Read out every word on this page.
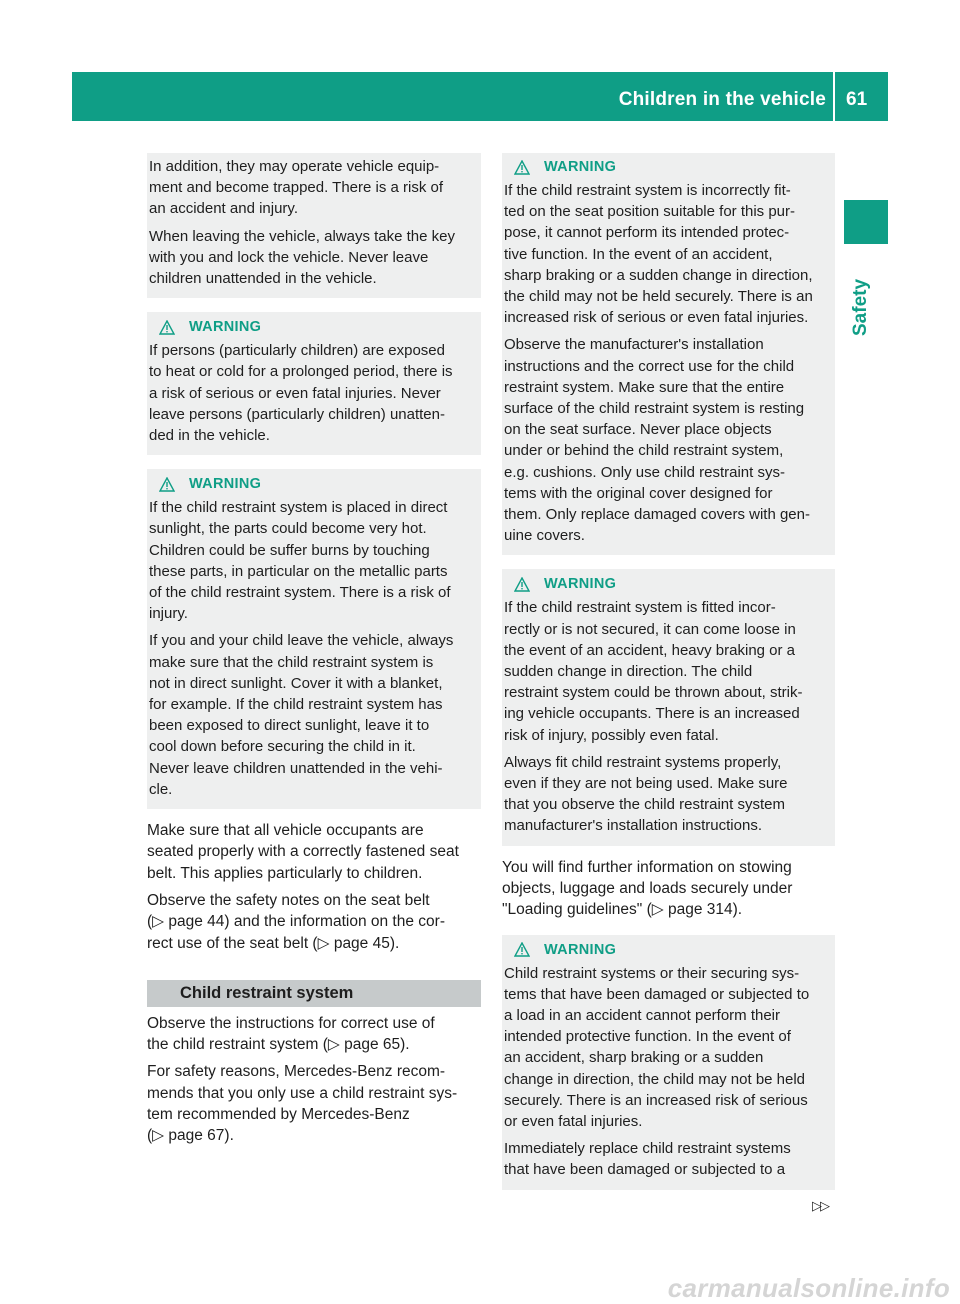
Children in the vehicle 61
Safety

In addition, they may operate vehicle equip-
ment and become trapped. There is a risk of
an accident and injury.

When leaving the vehicle, always take the key
with you and lock the vehicle. Never leave
children unattended in the vehicle.

WARNING

If persons (particularly children) are exposed
to heat or cold for a prolonged period, there is
a risk of serious or even fatal injuries. Never
leave persons (particularly children) unatten-
ded in the vehicle.

WARNING

If the child restraint system is placed in direct
sunlight, the parts could become very hot.
Children could be suffer burns by touching
these parts, in particular on the metallic parts
of the child restraint system. There is a risk of
injury.

If you and your child leave the vehicle, always
make sure that the child restraint system is
not in direct sunlight. Cover it with a blanket,
for example. If the child restraint system has
been exposed to direct sunlight, leave it to
cool down before securing the child in it.
Never leave children unattended in the vehi-
cle.

Make sure that all vehicle occupants are
seated properly with a correctly fastened seat
belt. This applies particularly to children.

Observe the safety notes on the seat belt
(▷ page 44) and the information on the cor-
rect use of the seat belt (▷ page 45).

Child restraint system

Observe the instructions for correct use of
the child restraint system (▷ page 65).

For safety reasons, Mercedes-Benz recom-
mends that you only use a child restraint sys-
tem recommended by Mercedes-Benz
(▷ page 67).

WARNING

If the child restraint system is incorrectly fit-
ted on the seat position suitable for this pur-
pose, it cannot perform its intended protec-
tive function. In the event of an accident,
sharp braking or a sudden change in direction,
the child may not be held securely. There is an
increased risk of serious or even fatal injuries.

Observe the manufacturer's installation
instructions and the correct use for the child
restraint system. Make sure that the entire
surface of the child restraint system is resting
on the seat surface. Never place objects
under or behind the child restraint system,
e.g. cushions. Only use child restraint sys-
tems with the original cover designed for
them. Only replace damaged covers with gen-
uine covers.

WARNING

If the child restraint system is fitted incor-
rectly or is not secured, it can come loose in
the event of an accident, heavy braking or a
sudden change in direction. The child
restraint system could be thrown about, strik-
ing vehicle occupants. There is an increased
risk of injury, possibly even fatal.

Always fit child restraint systems properly,
even if they are not being used. Make sure
that you observe the child restraint system
manufacturer's installation instructions.

You will find further information on stowing
objects, luggage and loads securely under
"Loading guidelines" (▷ page 314).

WARNING

Child restraint systems or their securing sys-
tems that have been damaged or subjected to
a load in an accident cannot perform their
intended protective function. In the event of
an accident, sharp braking or a sudden
change in direction, the child may not be held
securely. There is an increased risk of serious
or even fatal injuries.

Immediately replace child restraint systems
that have been damaged or subjected to a

▷▷
carmanualsonline.info
